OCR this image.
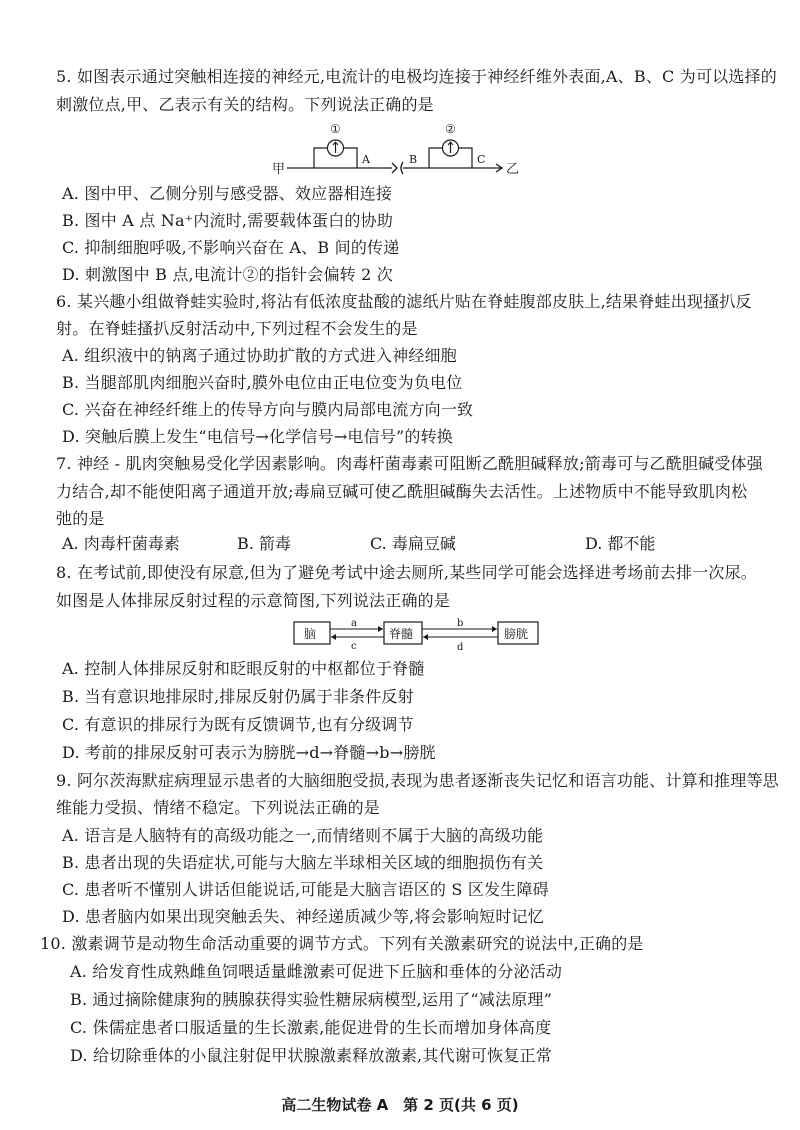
5. 如图表示通过突触相连接的神经元,电流计的电极均连接于神经纤维外表面,A、B、C 为可以选择的
刺激位点,甲、乙表示有关的结构。下列说法正确的是
甲	乙
①
A
②
B	C
A. 图中甲、乙侧分别与感受器、效应器相连接
B. 图中 A 点 Na⁺内流时,需要载体蛋白的协助
C. 抑制细胞呼吸,不影响兴奋在 A、B 间的传递
D. 刺激图中 B 点,电流计②的指针会偏转 2 次
6. 某兴趣小组做脊蛙实验时,将沾有低浓度盐酸的滤纸片贴在脊蛙腹部皮肤上,结果脊蛙出现搔扒反
射。在脊蛙搔扒反射活动中,下列过程不会发生的是
A. 组织液中的钠离子通过协助扩散的方式进入神经细胞
B. 当腿部肌肉细胞兴奋时,膜外电位由正电位变为负电位
C. 兴奋在神经纤维上的传导方向与膜内局部电流方向一致
D. 突触后膜上发生“电信号→化学信号→电信号”的转换
7. 神经 - 肌肉突触易受化学因素影响。肉毒杆菌毒素可阻断乙酰胆碱释放;箭毒可与乙酰胆碱受体强
力结合,却不能使阳离子通道开放;毒扁豆碱可使乙酰胆碱酶失去活性。上述物质中不能导致肌肉松
弛的是
A. 肉毒杆菌毒素	B. 箭毒	C. 毒扁豆碱	D. 都不能
8. 在考试前,即使没有尿意,但为了避免考试中途去厕所,某些同学可能会选择进考场前去排一次尿。
如图是人体排尿反射过程的示意简图,下列说法正确的是
脑	脊髓	膀胱
a
c
b
d
A. 控制人体排尿反射和眨眼反射的中枢都位于脊髓
B. 当有意识地排尿时,排尿反射仍属于非条件反射
C. 有意识的排尿行为既有反馈调节,也有分级调节
D. 考前的排尿反射可表示为膀胱→d→脊髓→b→膀胱
9. 阿尔茨海默症病理显示患者的大脑细胞受损,表现为患者逐渐丧失记忆和语言功能、计算和推理等思
维能力受损、情绪不稳定。下列说法正确的是
A. 语言是人脑特有的高级功能之一,而情绪则不属于大脑的高级功能
B. 患者出现的失语症状,可能与大脑左半球相关区域的细胞损伤有关
C. 患者听不懂别人讲话但能说话,可能是大脑言语区的 S 区发生障碍
D. 患者脑内如果出现突触丢失、神经递质减少等,将会影响短时记忆
10. 激素调节是动物生命活动重要的调节方式。下列有关激素研究的说法中,正确的是
A. 给发育性成熟雌鱼饲喂适量雌激素可促进下丘脑和垂体的分泌活动
B. 通过摘除健康狗的胰腺获得实验性糖尿病模型,运用了“减法原理”
C. 侏儒症患者口服适量的生长激素,能促进骨的生长而增加身体高度
D. 给切除垂体的小鼠注射促甲状腺激素释放激素,其代谢可恢复正常
高二生物试卷 A　第 2 页(共 6 页)
